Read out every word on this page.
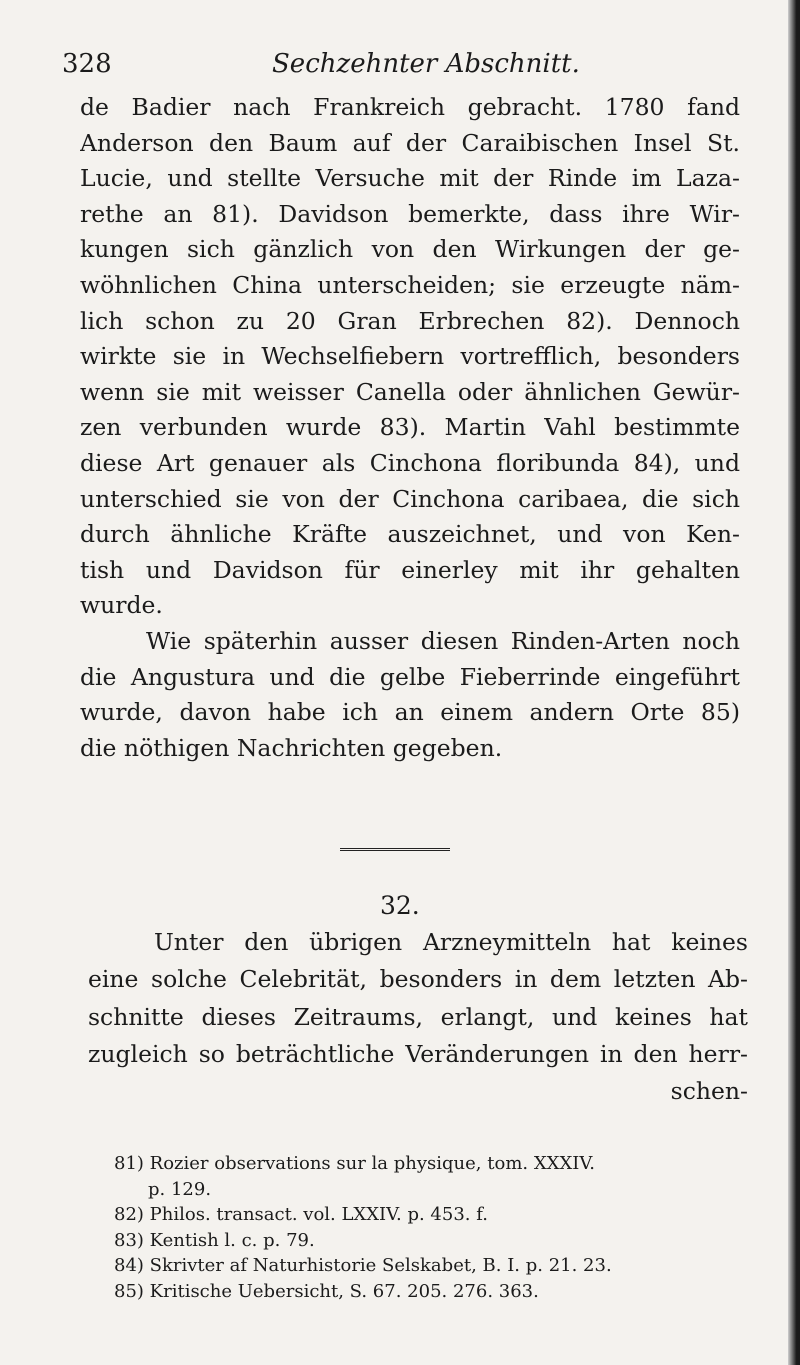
328	Sechzehnter Abschnitt.
de Badier nach Frankreich gebracht. 1780 fand
Anderson den Baum auf der Caraibischen Insel St.
Lucie, und stellte Versuche mit der Rinde im Laza-
rethe an 81). Davidson bemerkte, dass ihre Wir-
kungen sich gänzlich von den Wirkungen der ge-
wöhnlichen China unterscheiden; sie erzeugte näm-
lich schon zu 20 Gran Erbrechen 82). Dennoch
wirkte sie in Wechselfiebern vortrefflich, besonders
wenn sie mit weisser Canella oder ähnlichen Gewür-
zen verbunden wurde 83). Martin Vahl bestimmte
diese Art genauer als Cinchona floribunda 84), und
unterschied sie von der Cinchona caribaea, die sich
durch ähnliche Kräfte auszeichnet, und von Ken-
tish und Davidson für einerley mit ihr gehalten
wurde.
Wie späterhin ausser diesen Rinden-Arten noch
die Angustura und die gelbe Fieberrinde eingeführt
wurde, davon habe ich an einem andern Orte 85)
die nöthigen Nachrichten gegeben.
32.
Unter den übrigen Arzneymitteln hat keines
eine solche Celebrität, besonders in dem letzten Ab-
schnitte dieses Zeitraums, erlangt, und keines hat
zugleich so beträchtliche Veränderungen in den herr-
schen-
81) Rozier observations sur la physique, tom. XXXIV.
p. 129.
82) Philos. transact. vol. LXXIV. p. 453. f.
83) Kentish l. c. p. 79.
84) Skrivter af Naturhistorie Selskabet, B. I. p. 21. 23.
85) Kritische Uebersicht, S. 67. 205. 276. 363.
